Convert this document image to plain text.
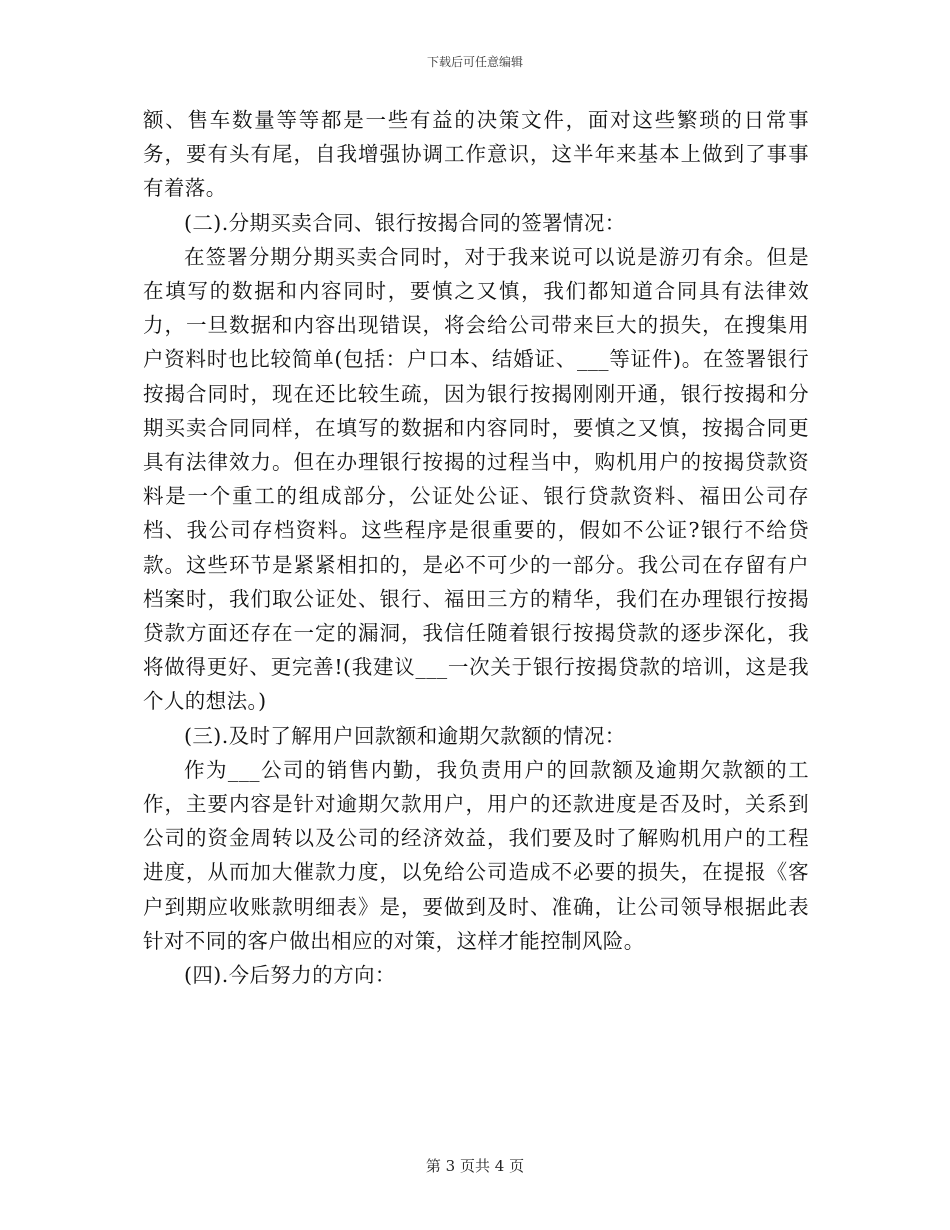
下载后可任意编辑

额、售车数量等等都是一些有益的决策文件，面对这些繁琐的日常事务，要有头有尾，自我增强协调工作意识，这半年来基本上做到了事事有着落。

(二).分期买卖合同、银行按揭合同的签署情况：

在签署分期分期买卖合同时，对于我来说可以说是游刃有余。但是在填写的数据和内容同时，要慎之又慎，我们都知道合同具有法律效力，一旦数据和内容出现错误，将会给公司带来巨大的损失，在搜集用户资料时也比较简单(包括：户口本、结婚证、___等证件)。在签署银行按揭合同时，现在还比较生疏，因为银行按揭刚刚开通，银行按揭和分期买卖合同同样，在填写的数据和内容同时，要慎之又慎，按揭合同更具有法律效力。但在办理银行按揭的过程当中，购机用户的按揭贷款资料是一个重工的组成部分，公证处公证、银行贷款资料、福田公司存档、我公司存档资料。这些程序是很重要的，假如不公证?银行不给贷款。这些环节是紧紧相扣的，是必不可少的一部分。我公司在存留有户档案时，我们取公证处、银行、福田三方的精华，我们在办理银行按揭贷款方面还存在一定的漏洞，我信任随着银行按揭贷款的逐步深化，我将做得更好、更完善!(我建议___一次关于银行按揭贷款的培训，这是我个人的想法。)

(三).及时了解用户回款额和逾期欠款额的情况：

作为___公司的销售内勤，我负责用户的回款额及逾期欠款额的工作，主要内容是针对逾期欠款用户，用户的还款进度是否及时，关系到公司的资金周转以及公司的经济效益，我们要及时了解购机用户的工程进度，从而加大催款力度，以免给公司造成不必要的损失，在提报《客户到期应收账款明细表》是，要做到及时、准确，让公司领导根据此表针对不同的客户做出相应的对策，这样才能控制风险。

(四).今后努力的方向：

第 3 页共 4 页
